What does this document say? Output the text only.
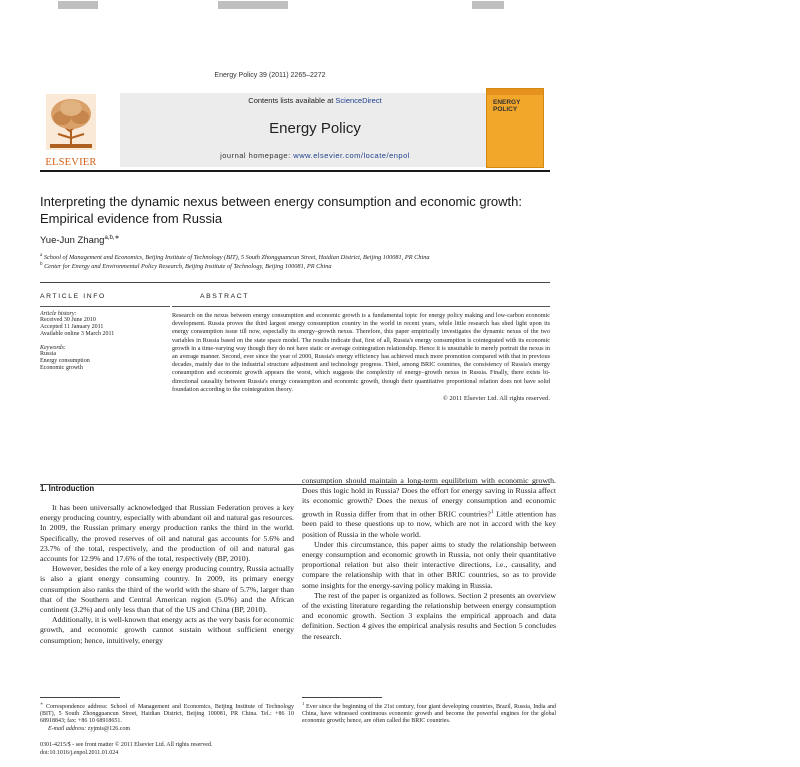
Energy Policy 39 (2011) 2265–2272
ELSEVIER
Contents lists available at ScienceDirect
Energy Policy
journal homepage: www.elsevier.com/locate/enpol
ENERGY
POLICY
Interpreting the dynamic nexus between energy consumption and economic growth: Empirical evidence from Russia
Yue-Jun Zhang$^{a,b,∗}$
$^a$ School of Management and Economics, Beijing Institute of Technology (BIT), 5 South Zhongguancun Street, Haidian District, Beijing 100081, PR China
$^b$ Center for Energy and Environmental Policy Research, Beijing Institute of Technology, Beijing 100081, PR China
ARTICLE INFO
Article history:
Received 30 June 2010
Accepted 11 January 2011
Available online 3 March 2011
Keywords:
Russia
Energy consumption
Economic growth
ABSTRACT

Research on the nexus between energy consumption and economic growth is a fundamental topic for energy policy making and low-carbon economic development. Russia proves the third largest energy consumption country in the world in recent years, while little research has shed light upon its energy consumption issue till now, especially its energy–growth nexus. Therefore, this paper empirically investigates the dynamic nexus of the two variables in Russia based on the state space model. The results indicate that, first of all, Russia's energy consumption is cointegrated with its economic growth in a time-varying way though they do not have static or average cointegration relationship. Hence it is unsuitable to merely portrait the nexus in an average manner. Second, ever since the year of 2000, Russia's energy efficiency has achieved much more promotion compared with that in previous decades, mainly due to the industrial structure adjustment and technology progress. Third, among BRIC countries, the consistency of Russia's energy consumption and economic growth appears the worst, which suggests the complexity of energy–growth nexus in Russia. Finally, there exists bi-directional causality between Russia's energy consumption and economic growth, though their quantitative proportional relation does not have solid foundation according to the cointegration theory.

© 2011 Elsevier Ltd. All rights reserved.
1. Introduction

It has been universally acknowledged that Russian Federation proves a key energy producing country, especially with abundant oil and natural gas resources. In 2009, the Russian primary energy production ranks the third in the world. Specifically, the proved reserves of oil and natural gas accounts for 5.6% and 23.7% of the total, respectively, and the production of oil and natural gas accounts for 12.9% and 17.6% of the total, respectively (BP, 2010).

However, besides the role of a key energy producing country, Russia actually is also a giant energy consuming country. In 2009, its primary energy consumption also ranks the third of the world with the share of 5.7%, larger than that of the Southern and Central American region (5.0%) and the African continent (3.2%) and only less than that of the US and China (BP, 2010).

Additionally, it is well-known that energy acts as the very basis for economic growth, and economic growth cannot sustain without sufficient energy consumption; hence, intuitively, energy

consumption should maintain a long-term equilibrium with economic growth. Does this logic hold in Russia? Does the effort for energy saving in Russia affect its economic growth? Does the nexus of energy consumption and economic growth in Russia differ from that in other BRIC countries?$^1$ Little attention has been paid to these questions up to now, which are not in accord with the key position of Russia in the whole world.

Under this circumstance, this paper aims to study the relationship between energy consumption and economic growth in Russia, not only their quantitative proportional relation but also their interactive directions, i.e., causality, and compare the relationship with that in other BRIC countries, so as to provide some insights for the energy-saving policy making in Russia.

The rest of the paper is organized as follows. Section 2 presents an overview of the existing literature regarding the relationship between energy consumption and economic growth. Section 3 explains the empirical approach and data definition. Section 4 gives the empirical analysis results and Section 5 concludes the research.

∗ Correspondence address: School of Management and Economics, Beijing Institute of Technology (BIT), 5 South Zhongguancun Street, Haidian District, Beijing 100081, PR China. Tel.: +86 10 68918843; fax: +86 10 68918651.
E-mail address: zyjmis@126.com
$^1$ Ever since the beginning of the 21st century, four giant developing countries, Brazil, Russia, India and China, have witnessed continuous economic growth and become the powerful engines for the global economic growth; hence, are often called the BRIC countries.
0301-4215/$ - see front matter © 2011 Elsevier Ltd. All rights reserved.
doi:10.1016/j.enpol.2011.01.024
